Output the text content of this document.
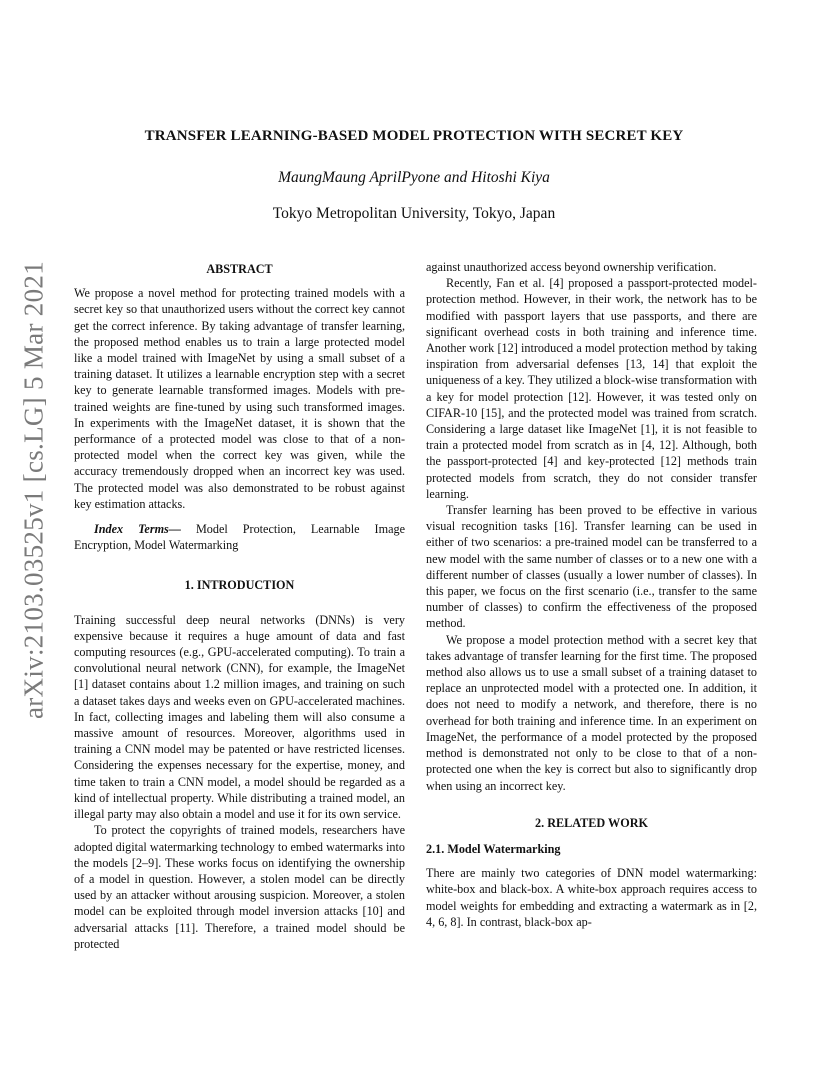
arXiv:2103.03525v1 [cs.LG] 5 Mar 2021
TRANSFER LEARNING-BASED MODEL PROTECTION WITH SECRET KEY
MaungMaung AprilPyone and Hitoshi Kiya
Tokyo Metropolitan University, Tokyo, Japan
ABSTRACT

We propose a novel method for protecting trained models with a secret key so that unauthorized users without the correct key cannot get the correct inference. By taking advantage of transfer learning, the proposed method enables us to train a large protected model like a model trained with ImageNet by using a small subset of a training dataset. It utilizes a learnable encryption step with a secret key to generate learnable transformed images. Models with pre-trained weights are fine-tuned by using such transformed images. In experiments with the ImageNet dataset, it is shown that the performance of a protected model was close to that of a non-protected model when the correct key was given, while the accuracy tremendously dropped when an incorrect key was used. The protected model was also demonstrated to be robust against key estimation attacks.

Index Terms— Model Protection, Learnable Image Encryption, Model Watermarking

1. INTRODUCTION

Training successful deep neural networks (DNNs) is very expensive because it requires a huge amount of data and fast computing resources (e.g., GPU-accelerated computing). To train a convolutional neural network (CNN), for example, the ImageNet [1] dataset contains about 1.2 million images, and training on such a dataset takes days and weeks even on GPU-accelerated machines. In fact, collecting images and labeling them will also consume a massive amount of resources. Moreover, algorithms used in training a CNN model may be patented or have restricted licenses. Considering the expenses necessary for the expertise, money, and time taken to train a CNN model, a model should be regarded as a kind of intellectual property. While distributing a trained model, an illegal party may also obtain a model and use it for its own service.

To protect the copyrights of trained models, researchers have adopted digital watermarking technology to embed watermarks into the models [2–9]. These works focus on identifying the ownership of a model in question. However, a stolen model can be directly used by an attacker without arousing suspicion. Moreover, a stolen model can be exploited through model inversion attacks [10] and adversarial attacks [11]. Therefore, a trained model should be protected

against unauthorized access beyond ownership verification.

Recently, Fan et al. [4] proposed a passport-protected model-protection method. However, in their work, the network has to be modified with passport layers that use passports, and there are significant overhead costs in both training and inference time. Another work [12] introduced a model protection method by taking inspiration from adversarial defenses [13, 14] that exploit the uniqueness of a key. They utilized a block-wise transformation with a key for model protection [12]. However, it was tested only on CIFAR-10 [15], and the protected model was trained from scratch. Considering a large dataset like ImageNet [1], it is not feasible to train a protected model from scratch as in [4, 12]. Although, both the passport-protected [4] and key-protected [12] methods train protected models from scratch, they do not consider transfer learning.

Transfer learning has been proved to be effective in various visual recognition tasks [16]. Transfer learning can be used in either of two scenarios: a pre-trained model can be transferred to a new model with the same number of classes or to a new one with a different number of classes (usually a lower number of classes). In this paper, we focus on the first scenario (i.e., transfer to the same number of classes) to confirm the effectiveness of the proposed method.

We propose a model protection method with a secret key that takes advantage of transfer learning for the first time. The proposed method also allows us to use a small subset of a training dataset to replace an unprotected model with a protected one. In addition, it does not need to modify a network, and therefore, there is no overhead for both training and inference time. In an experiment on ImageNet, the performance of a model protected by the proposed method is demonstrated not only to be close to that of a non-protected one when the key is correct but also to significantly drop when using an incorrect key.

2. RELATED WORK
2.1. Model Watermarking

There are mainly two categories of DNN model watermarking: white-box and black-box. A white-box approach requires access to model weights for embedding and extracting a watermark as in [2, 4, 6, 8]. In contrast, black-box ap-
